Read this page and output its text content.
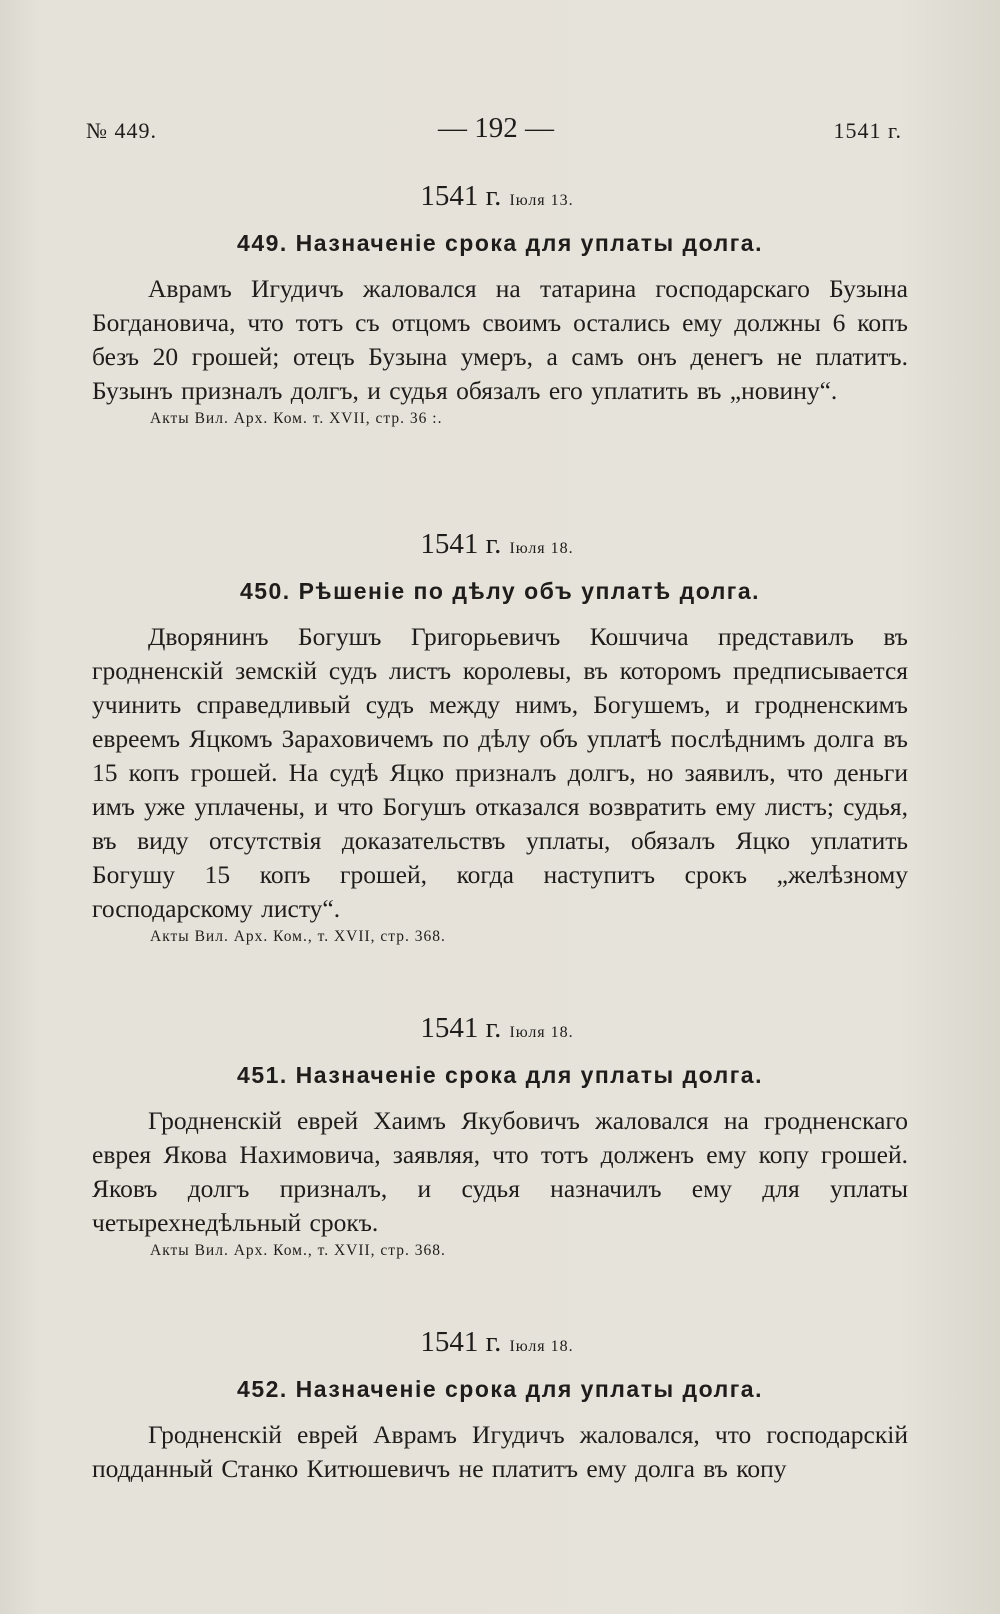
№ 449.	— 192 —	1541 г.
1541 г. Іюля 13.
449. Назначеніе срока для уплаты долга.
Аврамъ Игудичъ жаловался на татарина господарскаго Бузына Богдановича, что тотъ съ отцомъ своимъ остались ему должны 6 копъ безъ 20 грошей; отецъ Бузына умеръ, а самъ онъ денегъ не платитъ. Бузынъ призналъ долгъ, и судья обязалъ его уплатить въ „новину“.
Акты Вил. Арх. Ком. т. XVII, стр. 36 :.
1541 г. Іюля 18.
450. Рѣшеніе по дѣлу объ уплатѣ долга.
Дворянинъ Богушъ Григорьевичъ Кошчича представилъ въ гродненскій земскій судъ листъ королевы, въ которомъ предписывается учинить справедливый судъ между нимъ, Богушемъ, и гродненскимъ евреемъ Яцкомъ Зараховичемъ по дѣлу объ уплатѣ послѣднимъ долга въ 15 копъ грошей. На судѣ Яцко призналъ долгъ, но заявилъ, что деньги имъ уже уплачены, и что Богушъ отказался возвратить ему листъ; судья, въ виду отсутствія доказательствъ уплаты, обязалъ Яцко уплатить Богушу 15 копъ грошей, когда наступитъ срокъ „желѣзному господарскому листу“.
Акты Вил. Арх. Ком., т. XVII, стр. 368.
1541 г. Іюля 18.
451. Назначеніе срока для уплаты долга.
Гродненскій еврей Хаимъ Якубовичъ жаловался на гродненскаго еврея Якова Нахимовича, заявляя, что тотъ долженъ ему копу грошей. Яковъ долгъ призналъ, и судья назначилъ ему для уплаты четырехнедѣльный срокъ.
Акты Вил. Арх. Ком., т. XVII, стр. 368.
1541 г. Іюля 18.
452. Назначеніе срока для уплаты долга.
Гродненскій еврей Аврамъ Игудичъ жаловался, что господарскій подданный Станко Китюшевичъ не платитъ ему долга въ копу
